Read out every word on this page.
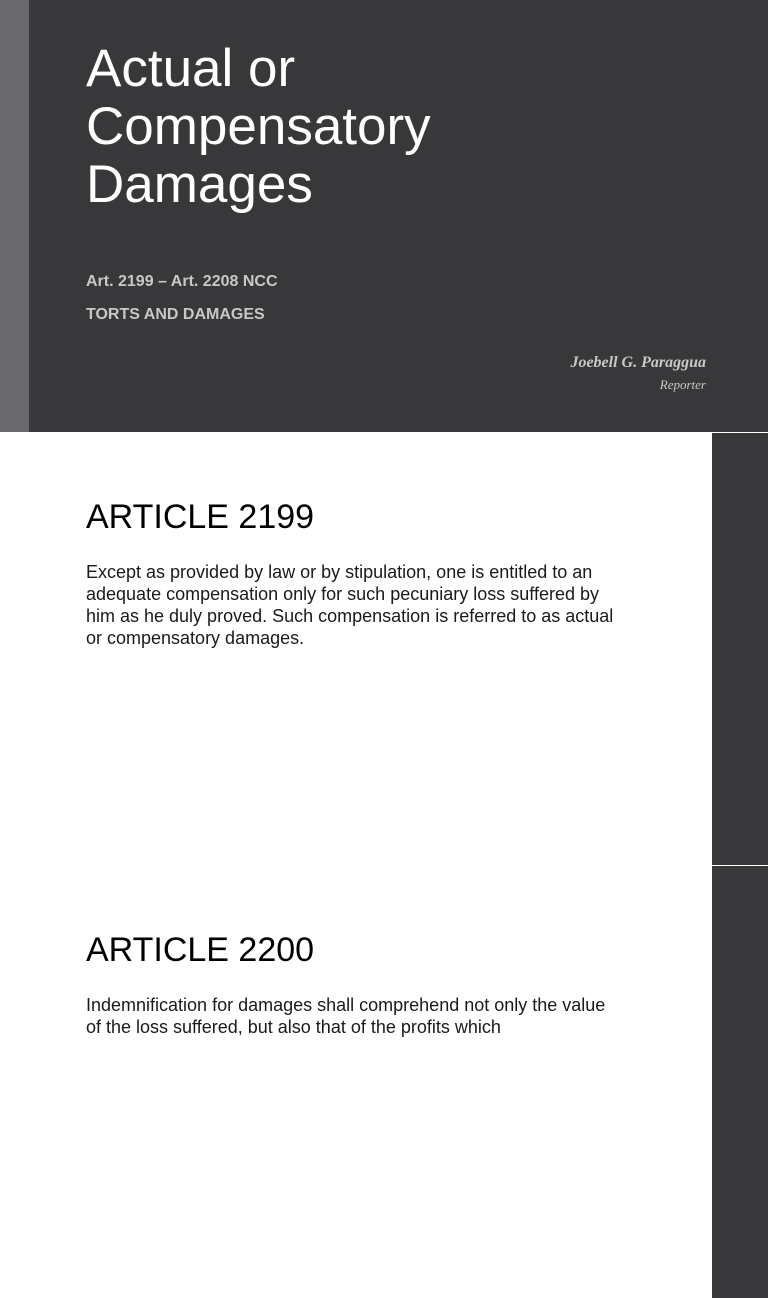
Actual or
Compensatory
Damages

Art. 2199 – Art. 2208 NCC

TORTS AND DAMAGES

Joebell G. Paraggua

Reporter

ARTICLE 2199

Except as provided by law or by stipulation, one is entitled to an adequate compensation only for such pecuniary loss suffered by him as he duly proved. Such compensation is referred to as actual or compensatory damages.

ARTICLE 2200

Indemnification for damages shall comprehend not only the value of the loss suffered, but also that of the profits which
